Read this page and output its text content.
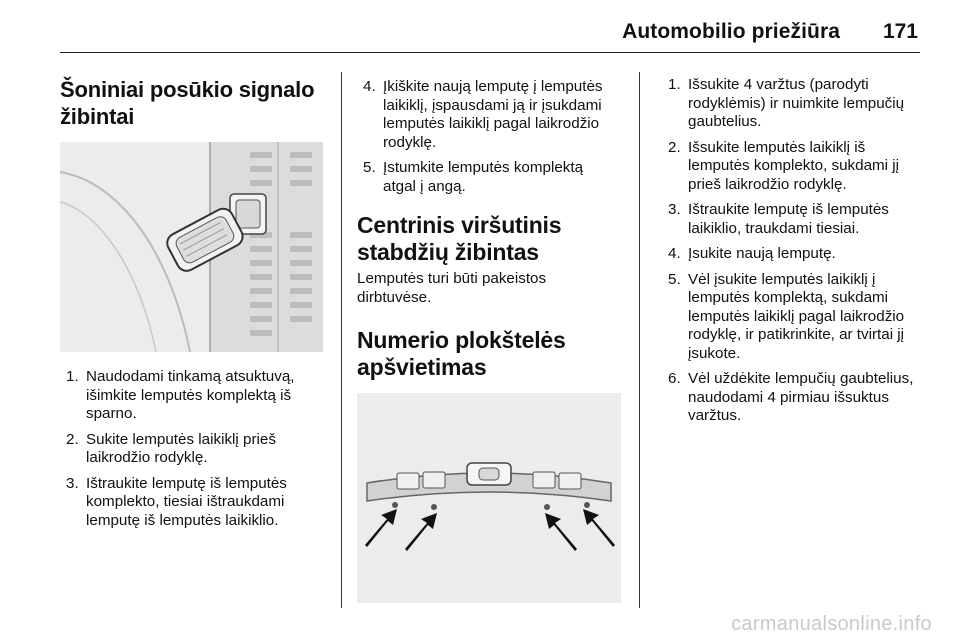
Automobilio priežiūra 171
Šoniniai posūkio signalo
žibintai
1. Naudodami tinkamą atsuktuvą,
išimkite lemputės komplektą iš
sparno.
2. Sukite lemputės laikiklį prieš
laikrodžio rodyklę.
3. Ištraukite lemputę iš lemputės
komplekto, tiesiai ištraukdami
lemputę iš lemputės laikiklio.
4. Įkiškite naują lemputę į lemputės
laikiklį, įspausdami ją ir įsukdami
lemputės laikiklį pagal laikrodžio
rodyklę.
5. Įstumkite lemputės komplektą
atgal į angą.
Centrinis viršutinis
stabdžių žibintas

Lemputės turi būti pakeistos
dirbtuvėse.

Numerio plokštelės
apšvietimas
1. Išsukite 4 varžtus (parodyti
rodyklėmis) ir nuimkite lempučių
gaubtelius.
2. Išsukite lemputės laikiklį iš
lemputės komplekto, sukdami jį
prieš laikrodžio rodyklę.
3. Ištraukite lemputę iš lemputės
laikiklio, traukdami tiesiai.
4. Įsukite naują lemputę.
5. Vėl įsukite lemputės laikiklį į
lemputės komplektą, sukdami
lemputės laikiklį pagal laikrodžio
rodyklę, ir patikrinkite, ar tvirtai jį
įsukote.
6. Vėl uždėkite lempučių gaubtelius,
naudodami 4 pirmiau išsuktus
varžtus.
carmanualsonline.info
